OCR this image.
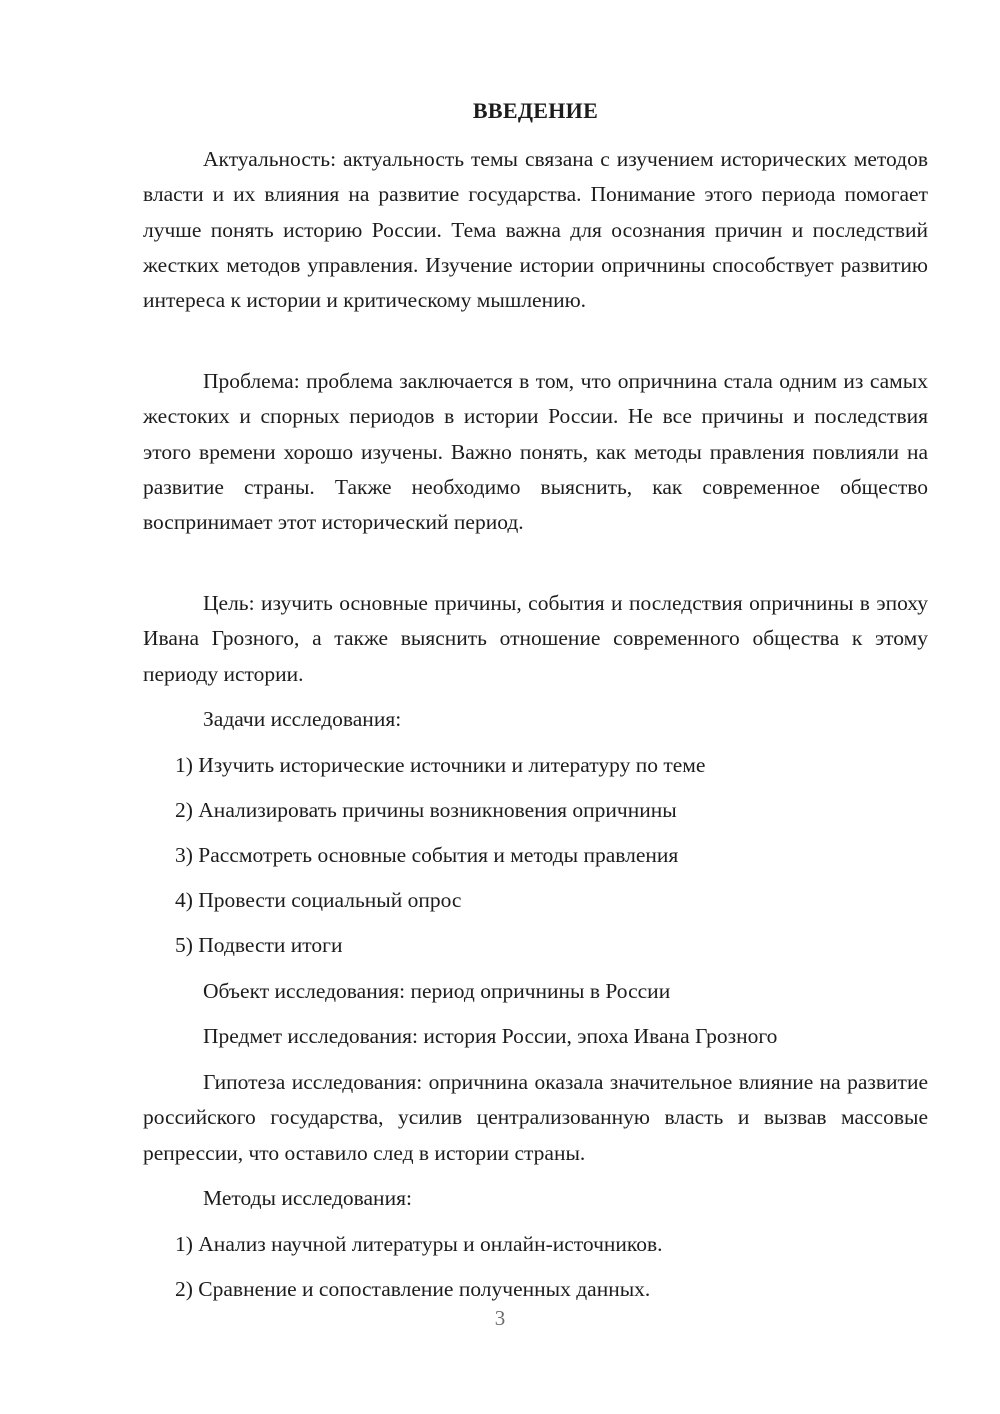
ВВЕДЕНИЕ

Актуальность: актуальность темы связана с изучением исторических методов власти и их влияния на развитие государства. Понимание этого периода помогает лучше понять историю России. Тема важна для осознания причин и последствий жестких методов управления. Изучение истории опричнины способствует развитию интереса к истории и критическому мышлению.

Проблема: проблема заключается в том, что опричнина стала одним из самых жестоких и спорных периодов в истории России. Не все причины и последствия этого времени хорошо изучены. Важно понять, как методы правления повлияли на развитие страны. Также необходимо выяснить, как современное общество воспринимает этот исторический период.

Цель: изучить основные причины, события и последствия опричнины в эпоху Ивана Грозного, а также выяснить отношение современного общества к этому периоду истории.

Задачи исследования:

1) Изучить исторические источники и литературу по теме

2) Анализировать причины возникновения опричнины

3) Рассмотреть основные события и методы правления

4) Провести социальный опрос

5) Подвести итоги

Объект исследования: период опричнины в России

Предмет исследования: история России, эпоха Ивана Грозного

Гипотеза исследования: опричнина оказала значительное влияние на развитие российского государства, усилив централизованную власть и вызвав массовые репрессии, что оставило след в истории страны.

Методы исследования:

1) Анализ научной литературы и онлайн-источников.

2) Сравнение и сопоставление полученных данных.

3
